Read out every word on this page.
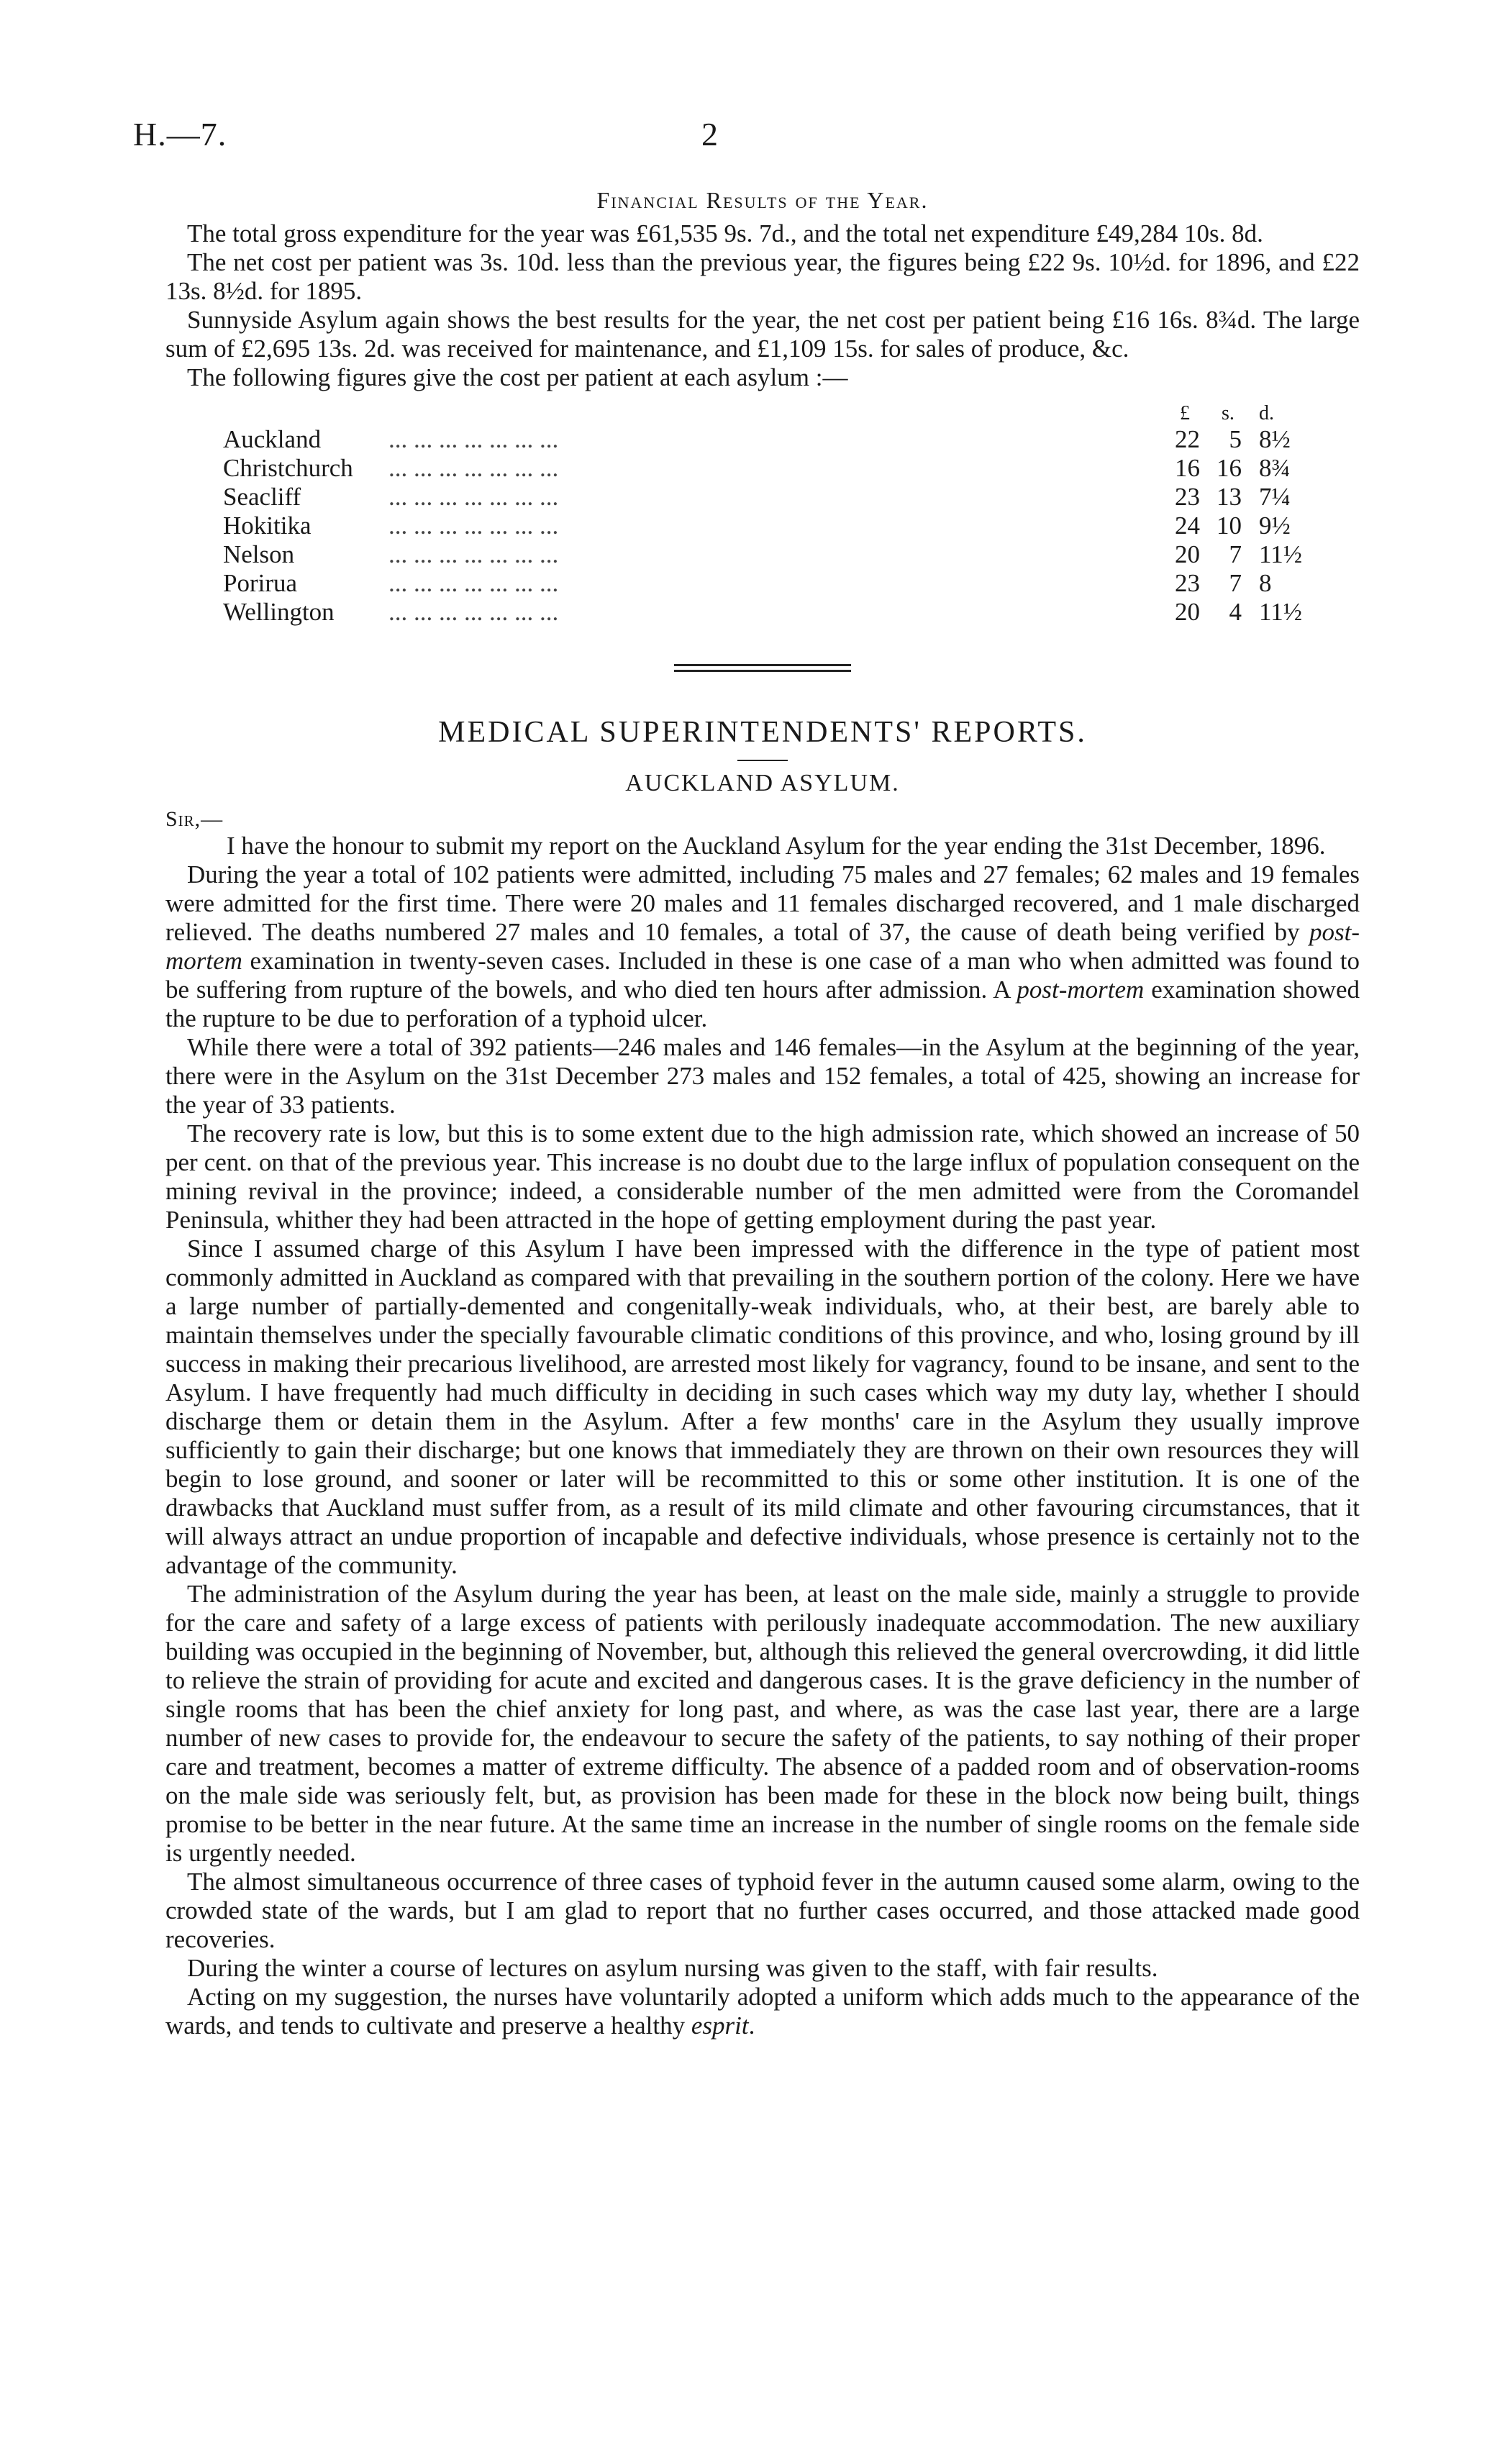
H.—7.	2
Financial Results of the Year.

The total gross expenditure for the year was £61,535 9s. 7d., and the total net expenditure £49,284 10s. 8d.

The net cost per patient was 3s. 10d. less than the previous year, the figures being £22 9s. 10½d. for 1896, and £22 13s. 8½d. for 1895.

Sunnyside Asylum again shows the best results for the year, the net cost per patient being £16 16s. 8¾d. The large sum of £2,695 13s. 2d. was received for maintenance, and £1,109 15s. for sales of produce, &c.

The following figures give the cost per patient at each asylum :—

£ s. d.
Auckland	... ... ... ... ... ... ...	22	5 8½
Christchurch ... ... ... ... ... ... ...	16 16 8¾
Seacliff	... ... ... ... ... ... ...	23 13 7¼
Hokitika	... ... ... ... ... ... ...	24 10 9½
Nelson	... ... ... ... ... ... ...	20	7 11½
Porirua	... ... ... ... ... ... ...	23	7 8
Wellington ... ... ... ... ... ... ...	20	4 11½
MEDICAL SUPERINTENDENTS' REPORTS.
AUCKLAND ASYLUM.
Sir,—

I have the honour to submit my report on the Auckland Asylum for the year ending the 31st December, 1896.

During the year a total of 102 patients were admitted, including 75 males and 27 females; 62 males and 19 females were admitted for the first time. There were 20 males and 11 females discharged recovered, and 1 male discharged relieved. The deaths numbered 27 males and 10 females, a total of 37, the cause of death being verified by post-mortem examination in twenty-seven cases. Included in these is one case of a man who when admitted was found to be suffering from rupture of the bowels, and who died ten hours after admission. A post-mortem examination showed the rupture to be due to perforation of a typhoid ulcer.

While there were a total of 392 patients—246 males and 146 females—in the Asylum at the beginning of the year, there were in the Asylum on the 31st December 273 males and 152 females, a total of 425, showing an increase for the year of 33 patients.

The recovery rate is low, but this is to some extent due to the high admission rate, which showed an increase of 50 per cent. on that of the previous year. This increase is no doubt due to the large influx of population consequent on the mining revival in the province; indeed, a considerable number of the men admitted were from the Coromandel Peninsula, whither they had been attracted in the hope of getting employment during the past year.

Since I assumed charge of this Asylum I have been impressed with the difference in the type of patient most commonly admitted in Auckland as compared with that prevailing in the southern portion of the colony. Here we have a large number of partially-demented and congenitally-weak individuals, who, at their best, are barely able to maintain themselves under the specially favourable climatic conditions of this province, and who, losing ground by ill success in making their precarious livelihood, are arrested most likely for vagrancy, found to be insane, and sent to the Asylum. I have frequently had much difficulty in deciding in such cases which way my duty lay, whether I should discharge them or detain them in the Asylum. After a few months' care in the Asylum they usually improve sufficiently to gain their discharge; but one knows that immediately they are thrown on their own resources they will begin to lose ground, and sooner or later will be recommitted to this or some other institution. It is one of the drawbacks that Auckland must suffer from, as a result of its mild climate and other favouring circumstances, that it will always attract an undue proportion of incapable and defective individuals, whose presence is certainly not to the advantage of the community.

The administration of the Asylum during the year has been, at least on the male side, mainly a struggle to provide for the care and safety of a large excess of patients with perilously inadequate accommodation. The new auxiliary building was occupied in the beginning of November, but, although this relieved the general overcrowding, it did little to relieve the strain of providing for acute and excited and dangerous cases. It is the grave deficiency in the number of single rooms that has been the chief anxiety for long past, and where, as was the case last year, there are a large number of new cases to provide for, the endeavour to secure the safety of the patients, to say nothing of their proper care and treatment, becomes a matter of extreme difficulty. The absence of a padded room and of observation-rooms on the male side was seriously felt, but, as provision has been made for these in the block now being built, things promise to be better in the near future. At the same time an increase in the number of single rooms on the female side is urgently needed.

The almost simultaneous occurrence of three cases of typhoid fever in the autumn caused some alarm, owing to the crowded state of the wards, but I am glad to report that no further cases occurred, and those attacked made good recoveries.

During the winter a course of lectures on asylum nursing was given to the staff, with fair results.

Acting on my suggestion, the nurses have voluntarily adopted a uniform which adds much to the appearance of the wards, and tends to cultivate and preserve a healthy esprit.
